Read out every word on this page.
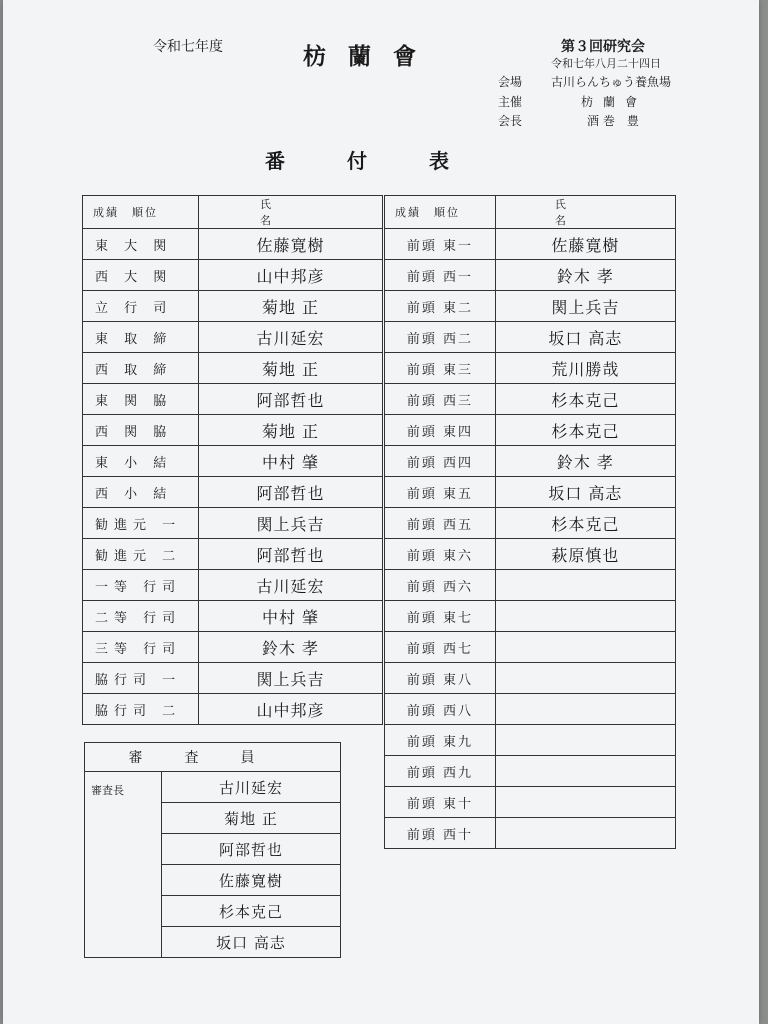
令和七年度	枋蘭會	第３回研究会
令和七年八月二十四日
会場 古川らんちゅう養魚場
主催	枋蘭會
会長	酒巻 豊
番付表
成績　順位	氏　　名
東 大 関	佐藤寛樹
西 大 関	山中邦彦
立 行 司	菊地 正
東 取 締	古川延宏
西 取 締	菊地 正
東 関 脇	阿部哲也
西 関 脇	菊地 正
東 小 結	中村 肇
西 小 結	阿部哲也
勧進元 一	関上兵吉
勧進元 二	阿部哲也
一等 行司	古川延宏
二等 行司	中村 肇
三等 行司	鈴木 孝
脇行司 一	関上兵吉
脇行司 二	山中邦彦
成績　順位	氏　名
前頭 東一	佐藤寛樹
前頭 西一	鈴木 孝
前頭 東二	関上兵吉
前頭 西二	坂口 高志
前頭 東三	荒川勝哉
前頭 西三	杉本克己
前頭 東四	杉本克己
前頭 西四	鈴木 孝
前頭 東五	坂口 高志
前頭 西五	杉本克己
前頭 東六	萩原慎也
前頭 西六	
前頭 東七	
前頭 西七	
前頭 東八	
前頭 西八	
前頭 東九	
前頭 西九	
前頭 東十	
前頭 西十	
審査員
審査長	古川延宏
菊地 正
阿部哲也
佐藤寛樹
杉本克己
坂口 高志
